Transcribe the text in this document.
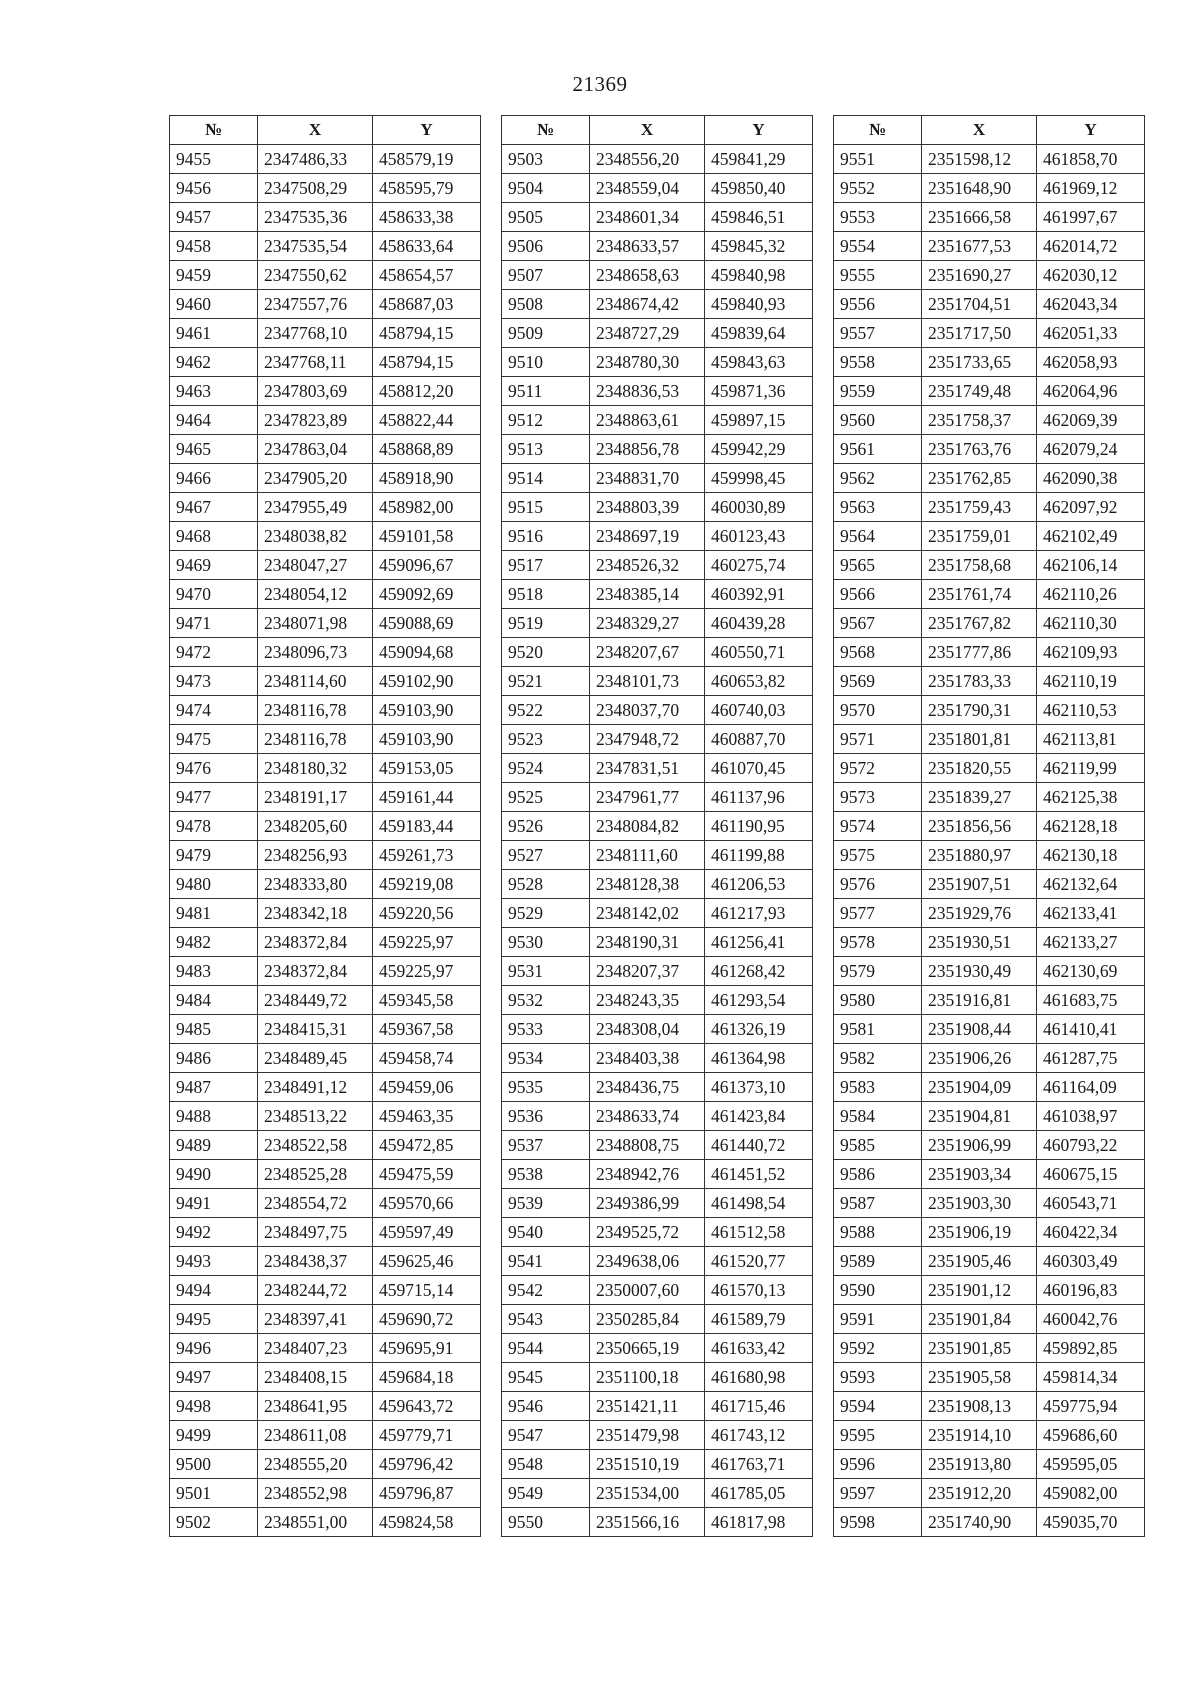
21369
№	X	Y
9455	2347486,33	458579,19
9456	2347508,29	458595,79
9457	2347535,36	458633,38
9458	2347535,54	458633,64
9459	2347550,62	458654,57
9460	2347557,76	458687,03
9461	2347768,10	458794,15
9462	2347768,11	458794,15
9463	2347803,69	458812,20
9464	2347823,89	458822,44
9465	2347863,04	458868,89
9466	2347905,20	458918,90
9467	2347955,49	458982,00
9468	2348038,82	459101,58
9469	2348047,27	459096,67
9470	2348054,12	459092,69
9471	2348071,98	459088,69
9472	2348096,73	459094,68
9473	2348114,60	459102,90
9474	2348116,78	459103,90
9475	2348116,78	459103,90
9476	2348180,32	459153,05
9477	2348191,17	459161,44
9478	2348205,60	459183,44
9479	2348256,93	459261,73
9480	2348333,80	459219,08
9481	2348342,18	459220,56
9482	2348372,84	459225,97
9483	2348372,84	459225,97
9484	2348449,72	459345,58
9485	2348415,31	459367,58
9486	2348489,45	459458,74
9487	2348491,12	459459,06
9488	2348513,22	459463,35
9489	2348522,58	459472,85
9490	2348525,28	459475,59
9491	2348554,72	459570,66
9492	2348497,75	459597,49
9493	2348438,37	459625,46
9494	2348244,72	459715,14
9495	2348397,41	459690,72
9496	2348407,23	459695,91
9497	2348408,15	459684,18
9498	2348641,95	459643,72
9499	2348611,08	459779,71
9500	2348555,20	459796,42
9501	2348552,98	459796,87
9502	2348551,00	459824,58
№	X	Y
9503	2348556,20	459841,29
9504	2348559,04	459850,40
9505	2348601,34	459846,51
9506	2348633,57	459845,32
9507	2348658,63	459840,98
9508	2348674,42	459840,93
9509	2348727,29	459839,64
9510	2348780,30	459843,63
9511	2348836,53	459871,36
9512	2348863,61	459897,15
9513	2348856,78	459942,29
9514	2348831,70	459998,45
9515	2348803,39	460030,89
9516	2348697,19	460123,43
9517	2348526,32	460275,74
9518	2348385,14	460392,91
9519	2348329,27	460439,28
9520	2348207,67	460550,71
9521	2348101,73	460653,82
9522	2348037,70	460740,03
9523	2347948,72	460887,70
9524	2347831,51	461070,45
9525	2347961,77	461137,96
9526	2348084,82	461190,95
9527	2348111,60	461199,88
9528	2348128,38	461206,53
9529	2348142,02	461217,93
9530	2348190,31	461256,41
9531	2348207,37	461268,42
9532	2348243,35	461293,54
9533	2348308,04	461326,19
9534	2348403,38	461364,98
9535	2348436,75	461373,10
9536	2348633,74	461423,84
9537	2348808,75	461440,72
9538	2348942,76	461451,52
9539	2349386,99	461498,54
9540	2349525,72	461512,58
9541	2349638,06	461520,77
9542	2350007,60	461570,13
9543	2350285,84	461589,79
9544	2350665,19	461633,42
9545	2351100,18	461680,98
9546	2351421,11	461715,46
9547	2351479,98	461743,12
9548	2351510,19	461763,71
9549	2351534,00	461785,05
9550	2351566,16	461817,98
№	X	Y
9551	2351598,12	461858,70
9552	2351648,90	461969,12
9553	2351666,58	461997,67
9554	2351677,53	462014,72
9555	2351690,27	462030,12
9556	2351704,51	462043,34
9557	2351717,50	462051,33
9558	2351733,65	462058,93
9559	2351749,48	462064,96
9560	2351758,37	462069,39
9561	2351763,76	462079,24
9562	2351762,85	462090,38
9563	2351759,43	462097,92
9564	2351759,01	462102,49
9565	2351758,68	462106,14
9566	2351761,74	462110,26
9567	2351767,82	462110,30
9568	2351777,86	462109,93
9569	2351783,33	462110,19
9570	2351790,31	462110,53
9571	2351801,81	462113,81
9572	2351820,55	462119,99
9573	2351839,27	462125,38
9574	2351856,56	462128,18
9575	2351880,97	462130,18
9576	2351907,51	462132,64
9577	2351929,76	462133,41
9578	2351930,51	462133,27
9579	2351930,49	462130,69
9580	2351916,81	461683,75
9581	2351908,44	461410,41
9582	2351906,26	461287,75
9583	2351904,09	461164,09
9584	2351904,81	461038,97
9585	2351906,99	460793,22
9586	2351903,34	460675,15
9587	2351903,30	460543,71
9588	2351906,19	460422,34
9589	2351905,46	460303,49
9590	2351901,12	460196,83
9591	2351901,84	460042,76
9592	2351901,85	459892,85
9593	2351905,58	459814,34
9594	2351908,13	459775,94
9595	2351914,10	459686,60
9596	2351913,80	459595,05
9597	2351912,20	459082,00
9598	2351740,90	459035,70
